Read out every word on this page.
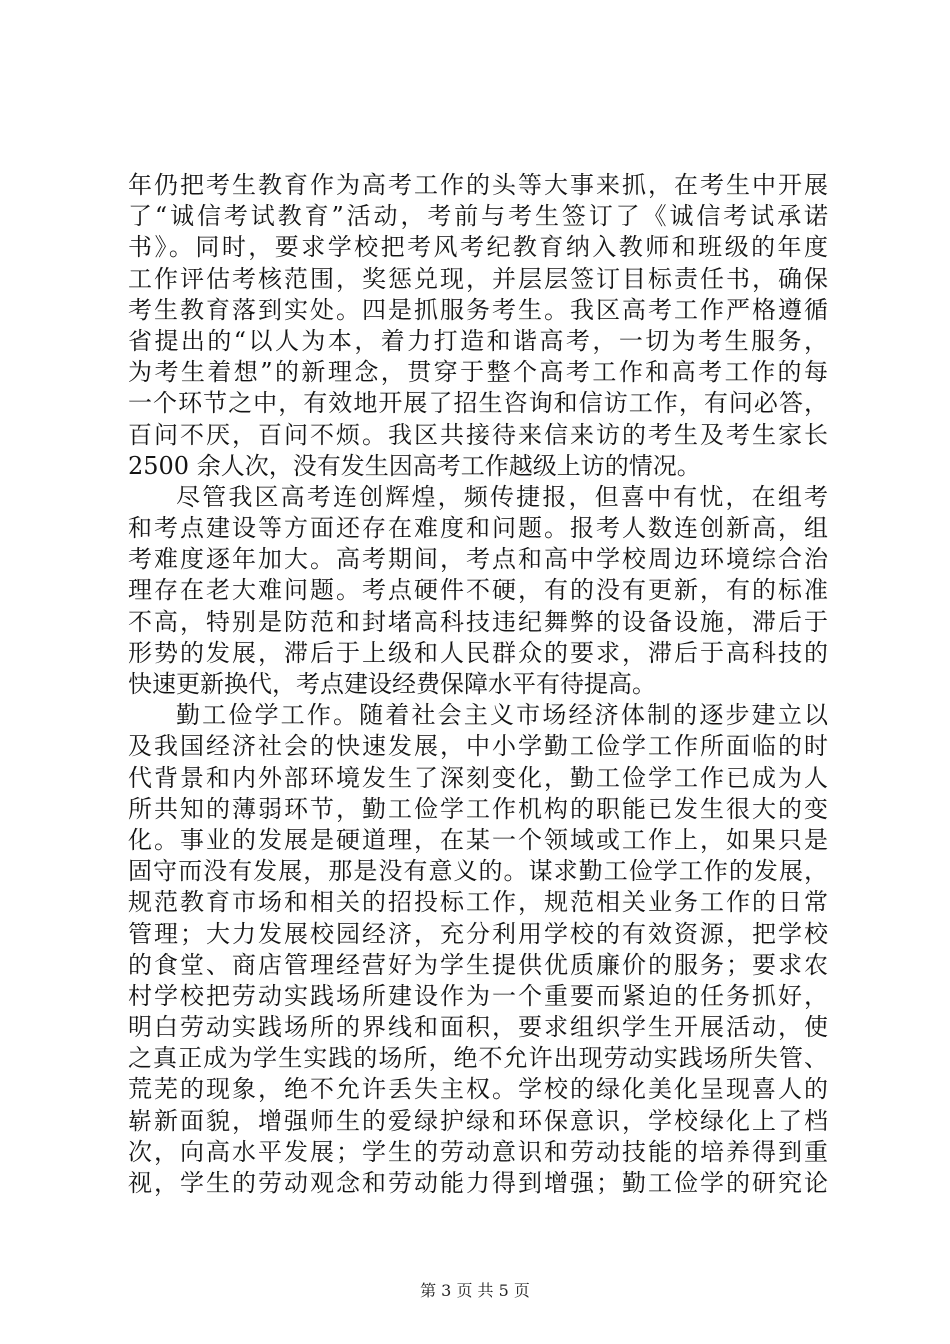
年仍把考生教育作为高考工作的头等大事来抓，在考生中开展
了“诚信考试教育”活动，考前与考生签订了《诚信考试承诺
书》。同时，要求学校把考风考纪教育纳入教师和班级的年度
工作评估考核范围，奖惩兑现，并层层签订目标责任书，确保
考生教育落到实处。四是抓服务考生。我区高考工作严格遵循
省提出的“以人为本，着力打造和谐高考，一切为考生服务，
为考生着想”的新理念，贯穿于整个高考工作和高考工作的每
一个环节之中，有效地开展了招生咨询和信访工作，有问必答，
百问不厌，百问不烦。我区共接待来信来访的考生及考生家长
2500 余人次，没有发生因高考工作越级上访的情况。
尽管我区高考连创辉煌，频传捷报，但喜中有忧，在组考
和考点建设等方面还存在难度和问题。报考人数连创新高，组
考难度逐年加大。高考期间，考点和高中学校周边环境综合治
理存在老大难问题。考点硬件不硬，有的没有更新，有的标准
不高，特别是防范和封堵高科技违纪舞弊的设备设施，滞后于
形势的发展，滞后于上级和人民群众的要求，滞后于高科技的
快速更新换代，考点建设经费保障水平有待提高。
勤工俭学工作。随着社会主义市场经济体制的逐步建立以
及我国经济社会的快速发展，中小学勤工俭学工作所面临的时
代背景和内外部环境发生了深刻变化，勤工俭学工作已成为人
所共知的薄弱环节，勤工俭学工作机构的职能已发生很大的变
化。事业的发展是硬道理，在某一个领域或工作上，如果只是
固守而没有发展，那是没有意义的。谋求勤工俭学工作的发展，
规范教育市场和相关的招投标工作，规范相关业务工作的日常
管理；大力发展校园经济，充分利用学校的有效资源，把学校
的食堂、商店管理经营好为学生提供优质廉价的服务；要求农
村学校把劳动实践场所建设作为一个重要而紧迫的任务抓好，
明白劳动实践场所的界线和面积，要求组织学生开展活动，使
之真正成为学生实践的场所，绝不允许出现劳动实践场所失管、
荒芜的现象，绝不允许丢失主权。学校的绿化美化呈现喜人的
崭新面貌，增强师生的爱绿护绿和环保意识，学校绿化上了档
次，向高水平发展；学生的劳动意识和劳动技能的培养得到重
视，学生的劳动观念和劳动能力得到增强；勤工俭学的研究论
第 3 页 共 5 页
